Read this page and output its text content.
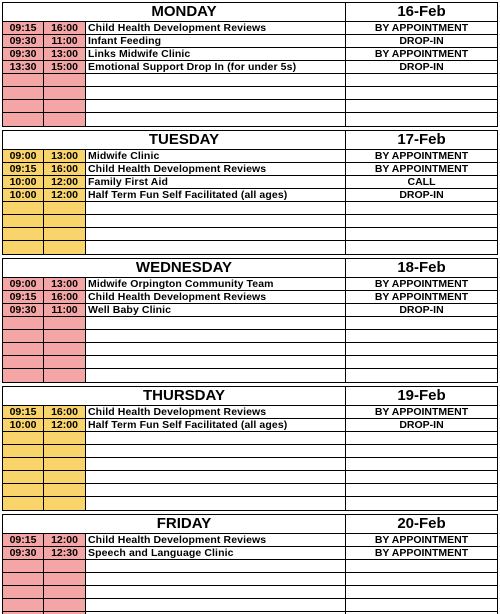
MONDAY	16-Feb
09:15	16:00 Child Health Development Reviews	BY APPOINTMENT
09:30	11:00 Infant Feeding	DROP-IN
09:30	13:00 Links Midwife Clinic	BY APPOINTMENT
13:30	15:00 Emotional Support Drop In (for under 5s)	DROP-IN
TUESDAY	17-Feb
09:00	13:00 Midwife Clinic	BY APPOINTMENT
09:15	16:00 Child Health Development Reviews	BY APPOINTMENT
10:00	12:00 Family First Aid	CALL
10:00	12:00 Half Term Fun Self Facilitated (all ages)	DROP-IN
WEDNESDAY	18-Feb
09:00	13:00 Midwife Orpington Community Team	BY APPOINTMENT
09:15	16:00 Child Health Development Reviews	BY APPOINTMENT
09:30	11:00 Well Baby Clinic	DROP-IN
THURSDAY	19-Feb
09:15	16:00 Child Health Development Reviews	BY APPOINTMENT
10:00	12:00 Half Term Fun Self Facilitated (all ages)	DROP-IN
FRIDAY	20-Feb
09:15	12:00 Child Health Development Reviews	BY APPOINTMENT
09:30	12:30 Speech and Language Clinic	BY APPOINTMENT
